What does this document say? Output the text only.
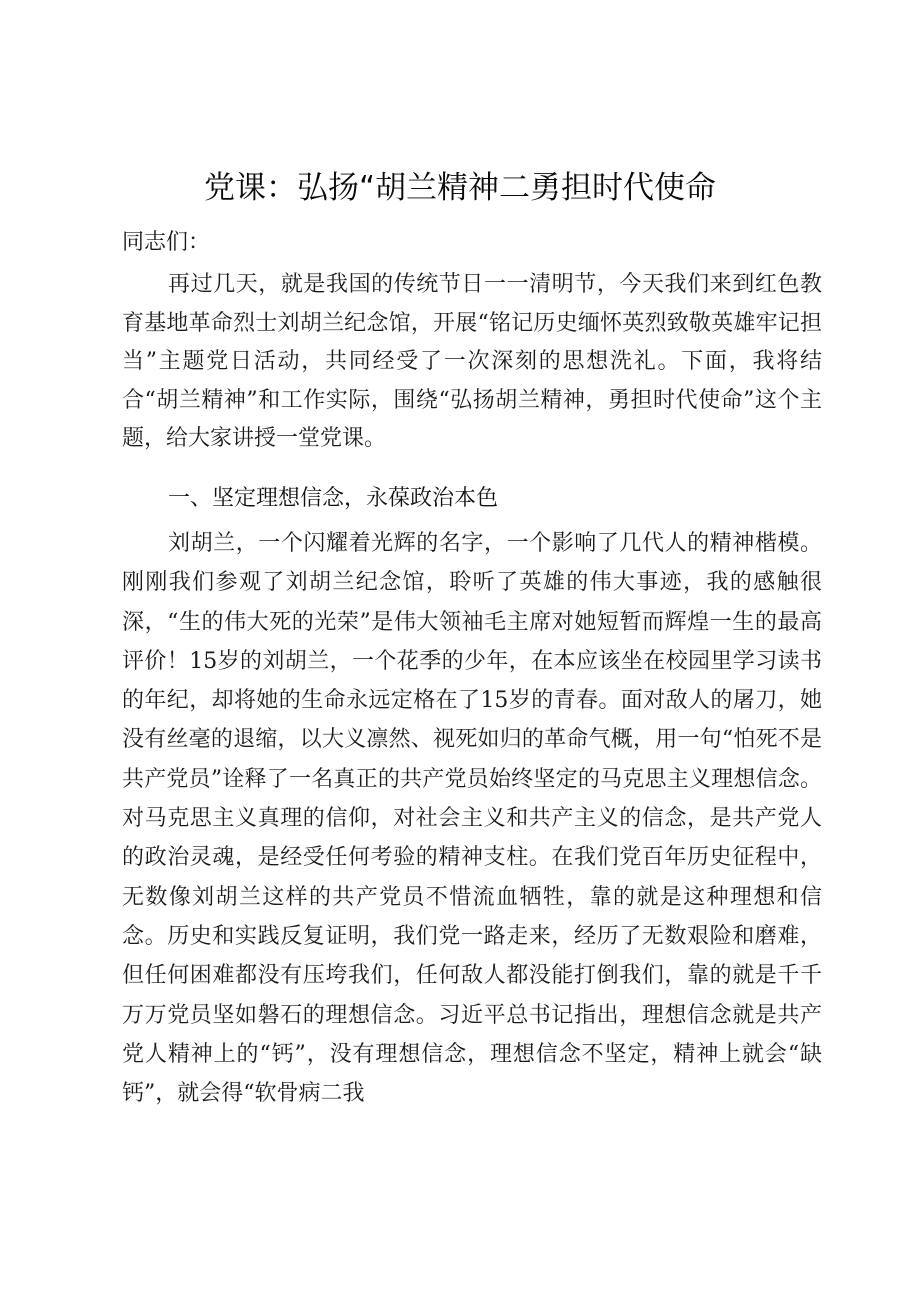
党课：弘扬“胡兰精神二勇担时代使命
同志们：
再过几天，就是我国的传统节日一一清明节，今天我们来到红色教育基地革命烈士刘胡兰纪念馆，开展“铭记历史缅怀英烈致敬英雄牢记担当”主题党日活动，共同经受了一次深刻的思想洗礼。下面，我将结合“胡兰精神”和工作实际，围绕“弘扬胡兰精神，勇担时代使命”这个主题，给大家讲授一堂党课。
一、坚定理想信念，永葆政治本色
刘胡兰，一个闪耀着光辉的名字，一个影响了几代人的精神楷模。刚刚我们参观了刘胡兰纪念馆，聆听了英雄的伟大事迹，我的感触很深，“生的伟大死的光荣”是伟大领袖毛主席对她短暂而辉煌一生的最高评价！15岁的刘胡兰，一个花季的少年，在本应该坐在校园里学习读书的年纪，却将她的生命永远定格在了15岁的青春。面对敌人的屠刀，她没有丝毫的退缩，以大义凛然、视死如归的革命气概，用一句“怕死不是共产党员”诠释了一名真正的共产党员始终坚定的马克思主义理想信念。对马克思主义真理的信仰，对社会主义和共产主义的信念，是共产党人的政治灵魂，是经受任何考验的精神支柱。在我们党百年历史征程中，无数像刘胡兰这样的共产党员不惜流血牺牲，靠的就是这种理想和信念。历史和实践反复证明，我们党一路走来，经历了无数艰险和磨难，但任何困难都没有压垮我们，任何敌人都没能打倒我们，靠的就是千千万万党员坚如磐石的理想信念。习近平总书记指出，理想信念就是共产党人精神上的“钙”，没有理想信念，理想信念不坚定，精神上就会“缺钙”，就会得“软骨病二我
